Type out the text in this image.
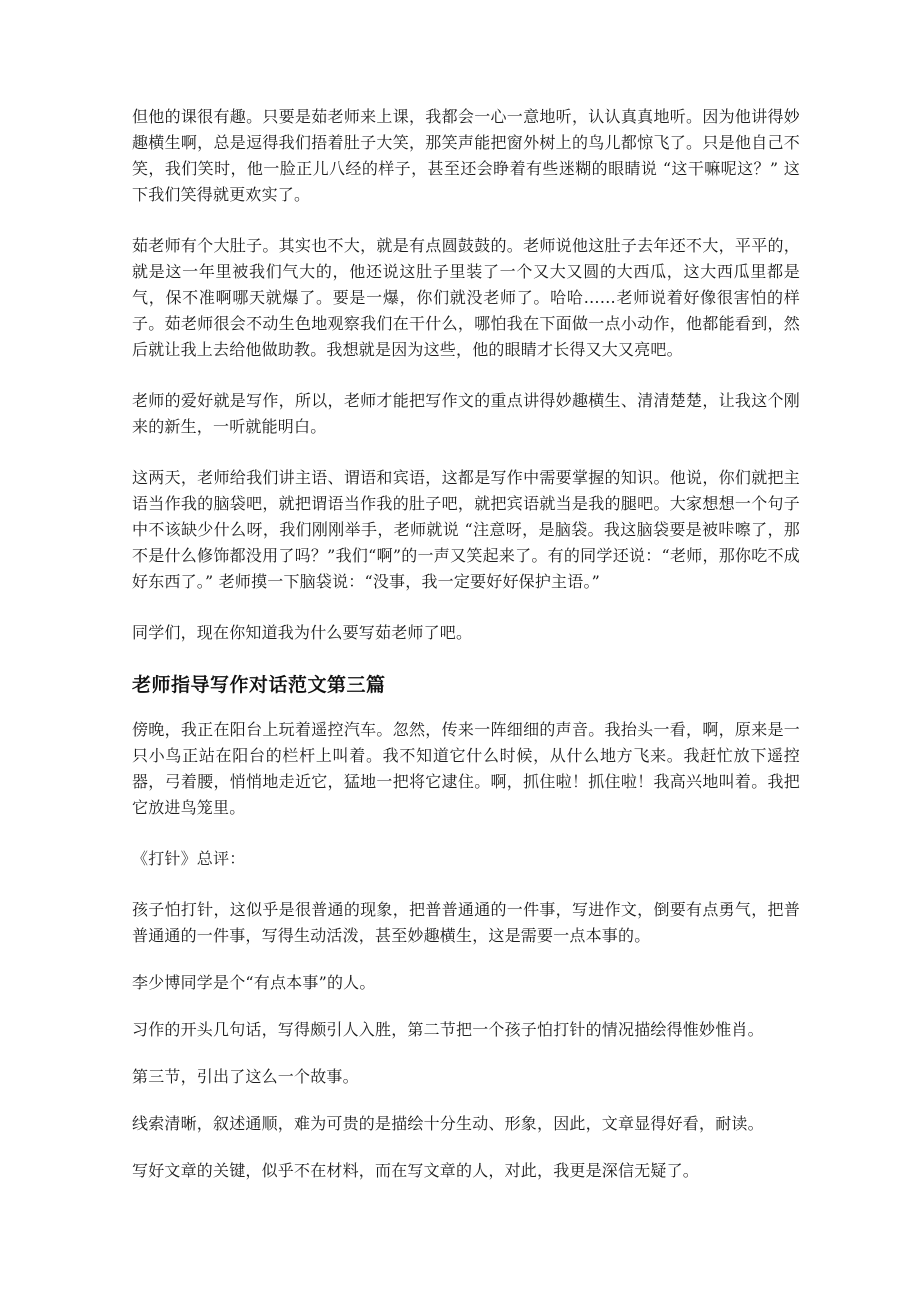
但他的课很有趣。只要是茹老师来上课，我都会一心一意地听，认认真真地听。因为他讲得妙趣横生啊，总是逗得我们捂着肚子大笑，那笑声能把窗外树上的鸟儿都惊飞了。只是他自己不笑，我们笑时，他一脸正儿八经的样子，甚至还会睁着有些迷糊的眼睛说 “这干嘛呢这？” 这下我们笑得就更欢实了。

茹老师有个大肚子。其实也不大，就是有点圆鼓鼓的。老师说他这肚子去年还不大，平平的，就是这一年里被我们气大的，他还说这肚子里装了一个又大又圆的大西瓜，这大西瓜里都是气，保不准啊哪天就爆了。要是一爆，你们就没老师了。哈哈……老师说着好像很害怕的样子。茹老师很会不动生色地观察我们在干什么，哪怕我在下面做一点小动作，他都能看到，然后就让我上去给他做助教。我想就是因为这些，他的眼睛才长得又大又亮吧。

老师的爱好就是写作，所以，老师才能把写作文的重点讲得妙趣横生、清清楚楚，让我这个刚来的新生，一听就能明白。

这两天，老师给我们讲主语、谓语和宾语，这都是写作中需要掌握的知识。他说，你们就把主语当作我的脑袋吧，就把谓语当作我的肚子吧，就把宾语就当是我的腿吧。大家想想一个句子中不该缺少什么呀，我们刚刚举手，老师就说 “注意呀，是脑袋。我这脑袋要是被咔嚓了，那不是什么修饰都没用了吗？”我们“啊”的一声又笑起来了。有的同学还说：“老师，那你吃不成好东西了。” 老师摸一下脑袋说：“没事，我一定要好好保护主语。”

同学们，现在你知道我为什么要写茹老师了吧。

老师指导写作对话范文第三篇

傍晚，我正在阳台上玩着遥控汽车。忽然，传来一阵细细的声音。我抬头一看，啊，原来是一只小鸟正站在阳台的栏杆上叫着。我不知道它什么时候，从什么地方飞来。我赶忙放下遥控器，弓着腰，悄悄地走近它，猛地一把将它逮住。啊，抓住啦！抓住啦！我高兴地叫着。我把它放进鸟笼里。

《打针》总评：

孩子怕打针，这似乎是很普通的现象，把普普通通的一件事，写进作文，倒要有点勇气，把普普通通的一件事，写得生动活泼，甚至妙趣横生，这是需要一点本事的。

李少博同学是个“有点本事”的人。

习作的开头几句话，写得颇引人入胜，第二节把一个孩子怕打针的情况描绘得惟妙惟肖。

第三节，引出了这么一个故事。

线索清晰，叙述通顺，难为可贵的是描绘十分生动、形象，因此，文章显得好看，耐读。

写好文章的关键，似乎不在材料，而在写文章的人，对此，我更是深信无疑了。
